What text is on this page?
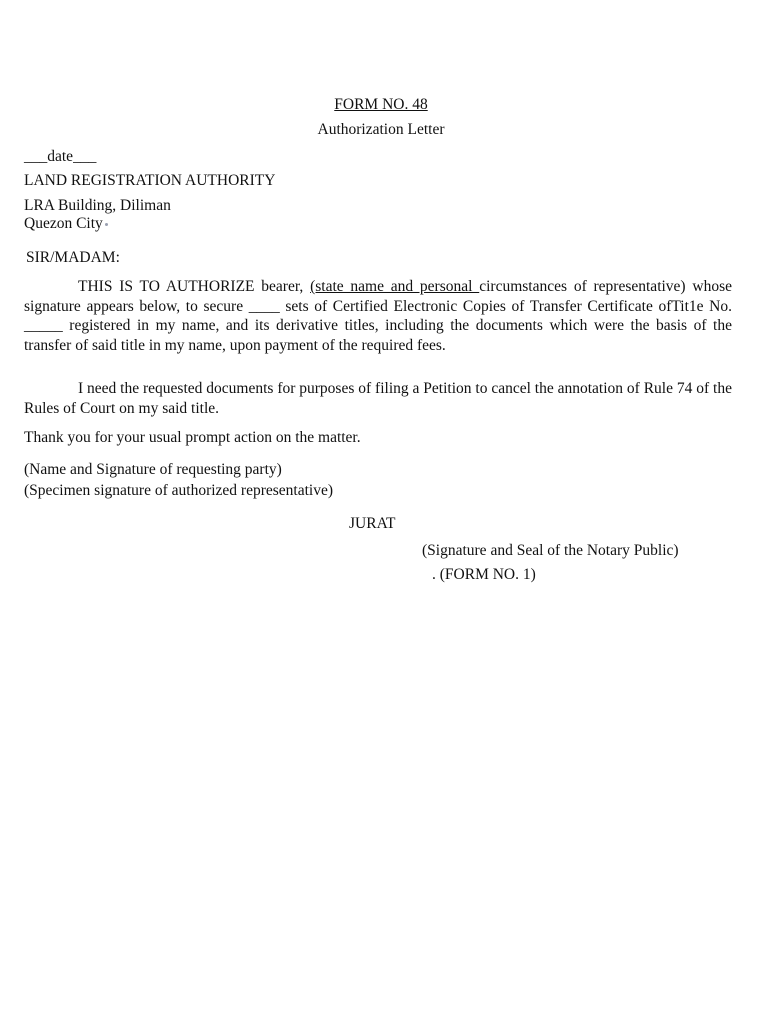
FORM NO. 48
Authorization Letter
___date___
LAND REGISTRATION AUTHORITY
LRA Building, Diliman
Quezon City
SIR/MADAM:
THIS IS TO AUTHORIZE bearer, (state name and personal circumstances of representative) whose signature appears below, to secure ____ sets of Certified Electronic Copies of Transfer Certificate ofTit1e No. _____ registered in my name, and its derivative titles, including the documents which were the basis of the transfer of said title in my name, upon payment of the required fees.
I need the requested documents for purposes of filing a Petition to cancel the annotation of Rule 74 of the Rules of Court on my said title.
Thank you for your usual prompt action on the matter.
(Name and Signature of requesting party)
(Specimen signature of authorized representative)
JURAT
(Signature and Seal of the Notary Public)
. (FORM NO. 1)
